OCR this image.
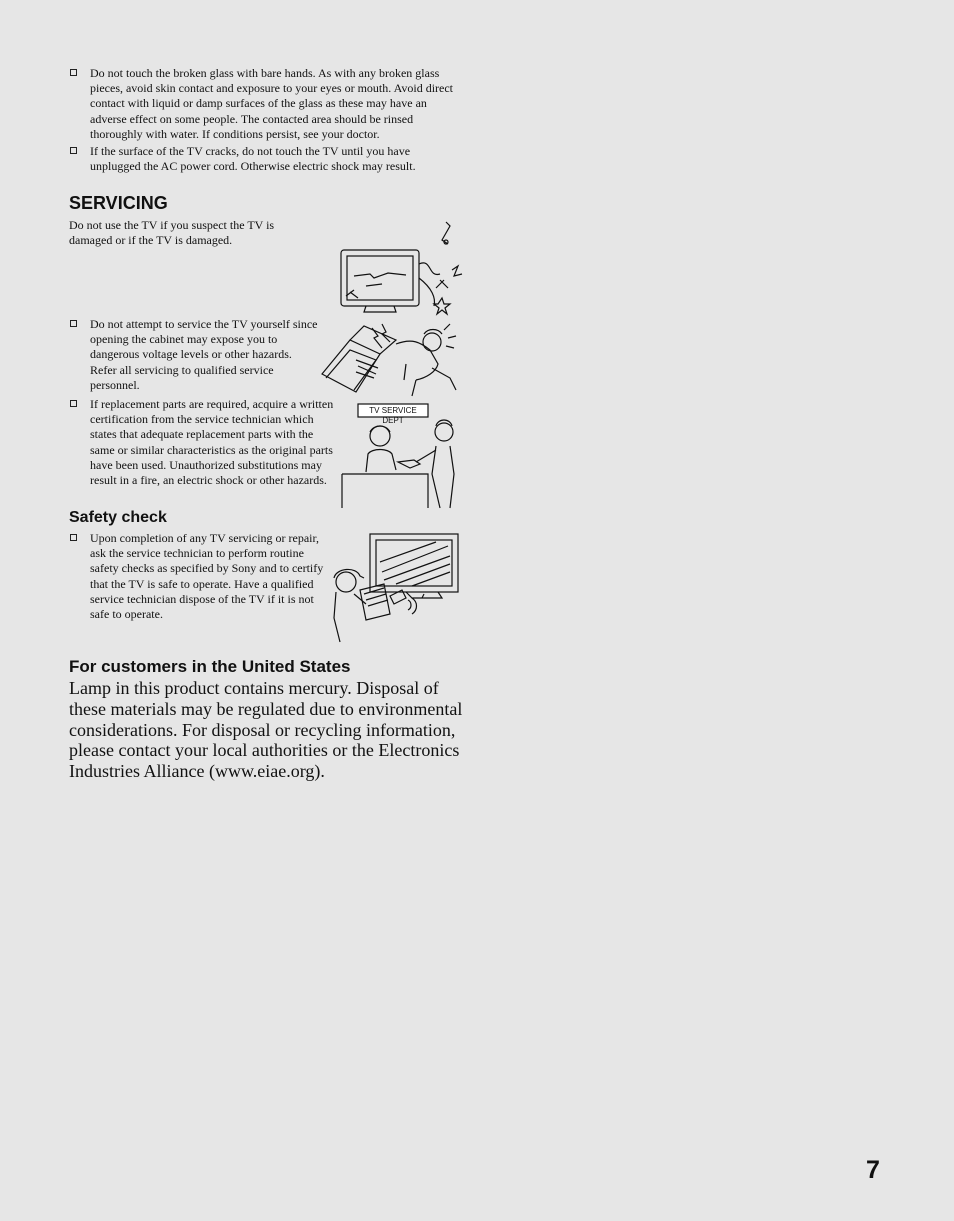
Do not touch the broken glass with bare hands. As with any broken glass pieces, avoid skin contact and exposure to your eyes or mouth. Avoid direct contact with liquid or damp surfaces of the glass as these may have an adverse effect on some people. The contacted area should be rinsed thoroughly with water. If conditions persist, see your doctor.
If the surface of the TV cracks, do not touch the TV until you have unplugged the AC power cord. Otherwise electric shock may result.
SERVICING
Do not use the TV if you suspect the TV is damaged or if the TV is damaged.
Do not attempt to service the TV yourself since opening the cabinet may expose you to dangerous voltage levels or other hazards. Refer all servicing to qualified service personnel.
If replacement parts are required, acquire a written certification from the service technician which states that adequate replacement parts with the same or similar characteristics as the original parts have been used. Unauthorized substitutions may result in a fire, an electric shock or other hazards.
TV SERVICE DEPT
Safety check
Upon completion of any TV servicing or repair, ask the service technician to perform routine safety checks as specified by Sony and to certify that the TV is safe to operate. Have a qualified service technician dispose of the TV if it is not safe to operate.
For customers in the United States
Lamp in this product contains mercury. Disposal of these materials may be regulated due to environmental considerations. For disposal or recycling information, please contact your local authorities or the Electronics Industries Alliance (www.eiae.org).
7
